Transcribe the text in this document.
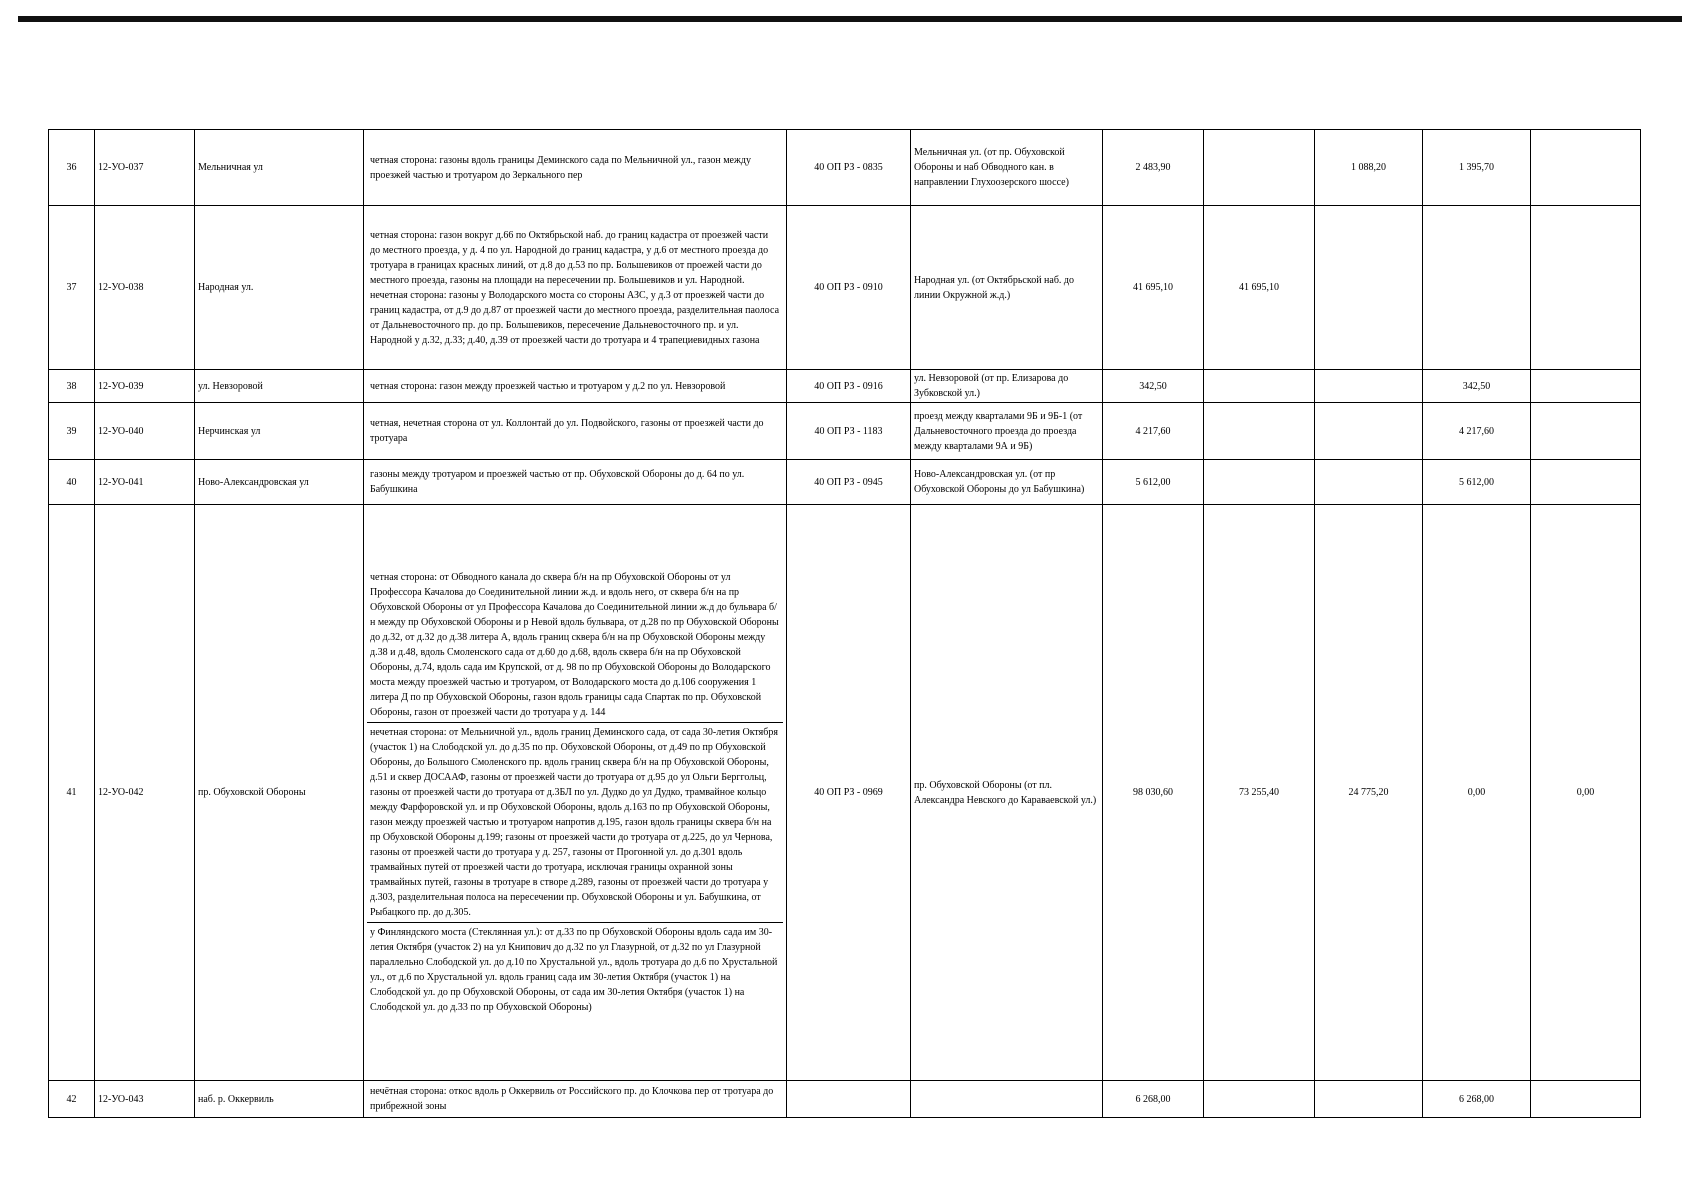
36	12-УО-037	Мельничная ул	четная сторона: газоны вдоль границы Деминского сада по Мельничной ул., газон между проезжей частью и тротуаром до Зеркального пер	40 ОП РЗ - 0835	Мельничная ул. (от пр. Обуховской Обороны и наб Обводного кан. в направлении Глухоозерского шоссе)	2 483,90		1 088,20	1 395,70	
37	12-УО-038	Народная ул.	четная сторона: газон вокруг д.66 по Октябрьской наб. до границ кадастра от проезжей части до местного проезда, у д. 4 по ул. Народной до границ кадастра, у д.6 от местного проезда до тротуара в границах красных линий, от д.8 до д.53 по пр. Большевиков от проежей части до местного проезда, газоны на площади на пересечении пр. Большевиков и ул. Народной. нечетная сторона: газоны у Володарского моста со стороны АЗС, у д.3 от проезжей части до границ кадастра, от д.9 до д.87 от проезжей части до местного проезда, разделительная паолоса от Дальневосточного пр. до пр. Большевиков, пересечение Дальневосточного пр. и ул. Народной у д.32, д.33; д.40, д.39 от проезжей части до тротуара и 4 трапециевидных газона	40 ОП РЗ - 0910	Народная ул. (от Октябрьской наб. до линии Окружной ж.д.)	41 695,10	41 695,10			
38	12-УО-039	ул. Невзоровой	четная сторона: газон между проезжей частью и тротуаром у д.2 по ул. Невзоровой	40 ОП РЗ - 0916	ул. Невзоровой (от пр. Елизарова до Зубковской ул.)	342,50			342,50	
39	12-УО-040	Нерчинская ул	четная, нечетная сторона от ул. Коллонтай до ул. Подвойского, газоны от проезжей части до тротуара	40 ОП РЗ - 1183	проезд между кварталами 9Б и 9Б-1 (от Дальневосточного проезда до проезда между кварталами 9А и 9Б)	4 217,60			4 217,60	
40	12-УО-041	Ново-Александровская ул	газоны между тротуаром и проезжей частью от пр. Обуховской Обороны до д. 64 по ул. Бабушкина	40 ОП РЗ - 0945	Ново-Александровская ул. (от пр Обуховской Обороны до ул Бабушкина)	5 612,00			5 612,00	
41	12-УО-042	пр. Обуховской Обороны	четная сторона: от Обводного канала до сквера б/н на пр Обуховской Обороны от ул Профессора Качалова до Соединительной линии ж.д. и вдоль него, от сквера б/н на пр Обуховской Обороны от ул Профессора Качалова до Соединительной линии ж.д до бульвара б/н между пр Обуховской Обороны и р Невой вдоль бульвара, от д.28 по пр Обуховской Обороны до д.32, от д.32 до д.38 литера А, вдоль границ сквера б/н на пр Обуховской Обороны между д.38 и д.48, вдоль Смоленского сада от д.60 до д.68, вдоль сквера б/н на пр Обуховской Обороны, д.74, вдоль сада им Крупской, от д. 98 по пр Обуховской Обороны до Володарского моста между проезжей частью и тротуаром, от Володарского моста до д.106 сооружения 1 литера Д по пр Обуховской Обороны, газон вдоль границы сада Спартак по пр. Обуховской Обороны, газон от проезжей части до тротуара у д. 144
нечетная сторона: от Мельничной ул., вдоль границ Деминского сада, от сада 30-летия Октября (участок 1) на Слободской ул. до д.35 по пр. Обуховской Обороны, от д.49 по пр Обуховской Обороны, до Большого Смоленского пр. вдоль границ сквера б/н на пр Обуховской Обороны, д.51 и сквер ДОСААФ, газоны от проезжей части до тротуара от д.95 до ул Ольги Берггольц, газоны от проезжей части до тротуара от д.3БЛ по ул. Дудко до ул Дудко, трамвайное кольцо между Фарфоровской ул. и пр Обуховской Обороны, вдоль д.163 по пр Обуховской Обороны, газон между проезжей частью и тротуаром напротив д.195, газон вдоль границы сквера б/н на пр Обуховской Обороны д.199; газоны от проезжей части до тротуара от д.225, до ул Чернова, газоны от проезжей части до тротуара у д. 257, газоны от Прогонной ул. до д.301 вдоль трамвайных путей от проезжей части до тротуара, исключая границы охранной зоны трамвайных путей, газоны в тротуаре в створе д.289, газоны от проезжей части до тротуара у д.303, разделительная полоса на пересечении пр. Обуховской Обороны и ул. Бабушкина, от Рыбацкого пр. до д.305.
у Финляндского моста (Стеклянная ул.): от д.33 по пр Обуховской Обороны вдоль сада им 30-летия Октября (участок 2) на ул Книпович до д.32 по ул Глазурной, от д.32 по ул Глазурной параллельно Слободской ул. до д.10 по Хрустальной ул., вдоль тротуара до д.6 по Хрустальной ул., от д.6 по Хрустальной ул. вдоль границ сада им 30-летия Октября (участок 1) на Слободской ул. до пр Обуховской Обороны, от сада им 30-летия Октября (участок 1) на Слободской ул. до д.33 по пр Обуховской Обороны)	40 ОП РЗ - 0969	пр. Обуховской Обороны (от пл. Александра Невского до Караваевской ул.)	98 030,60	73 255,40	24 775,20	0,00	0,00
42	12-УО-043	наб. р. Оккервиль	нечётная сторона: откос вдоль р Оккервиль от Российского пр. до Клочкова пер от тротуара до прибрежной зоны			6 268,00			6 268,00	
